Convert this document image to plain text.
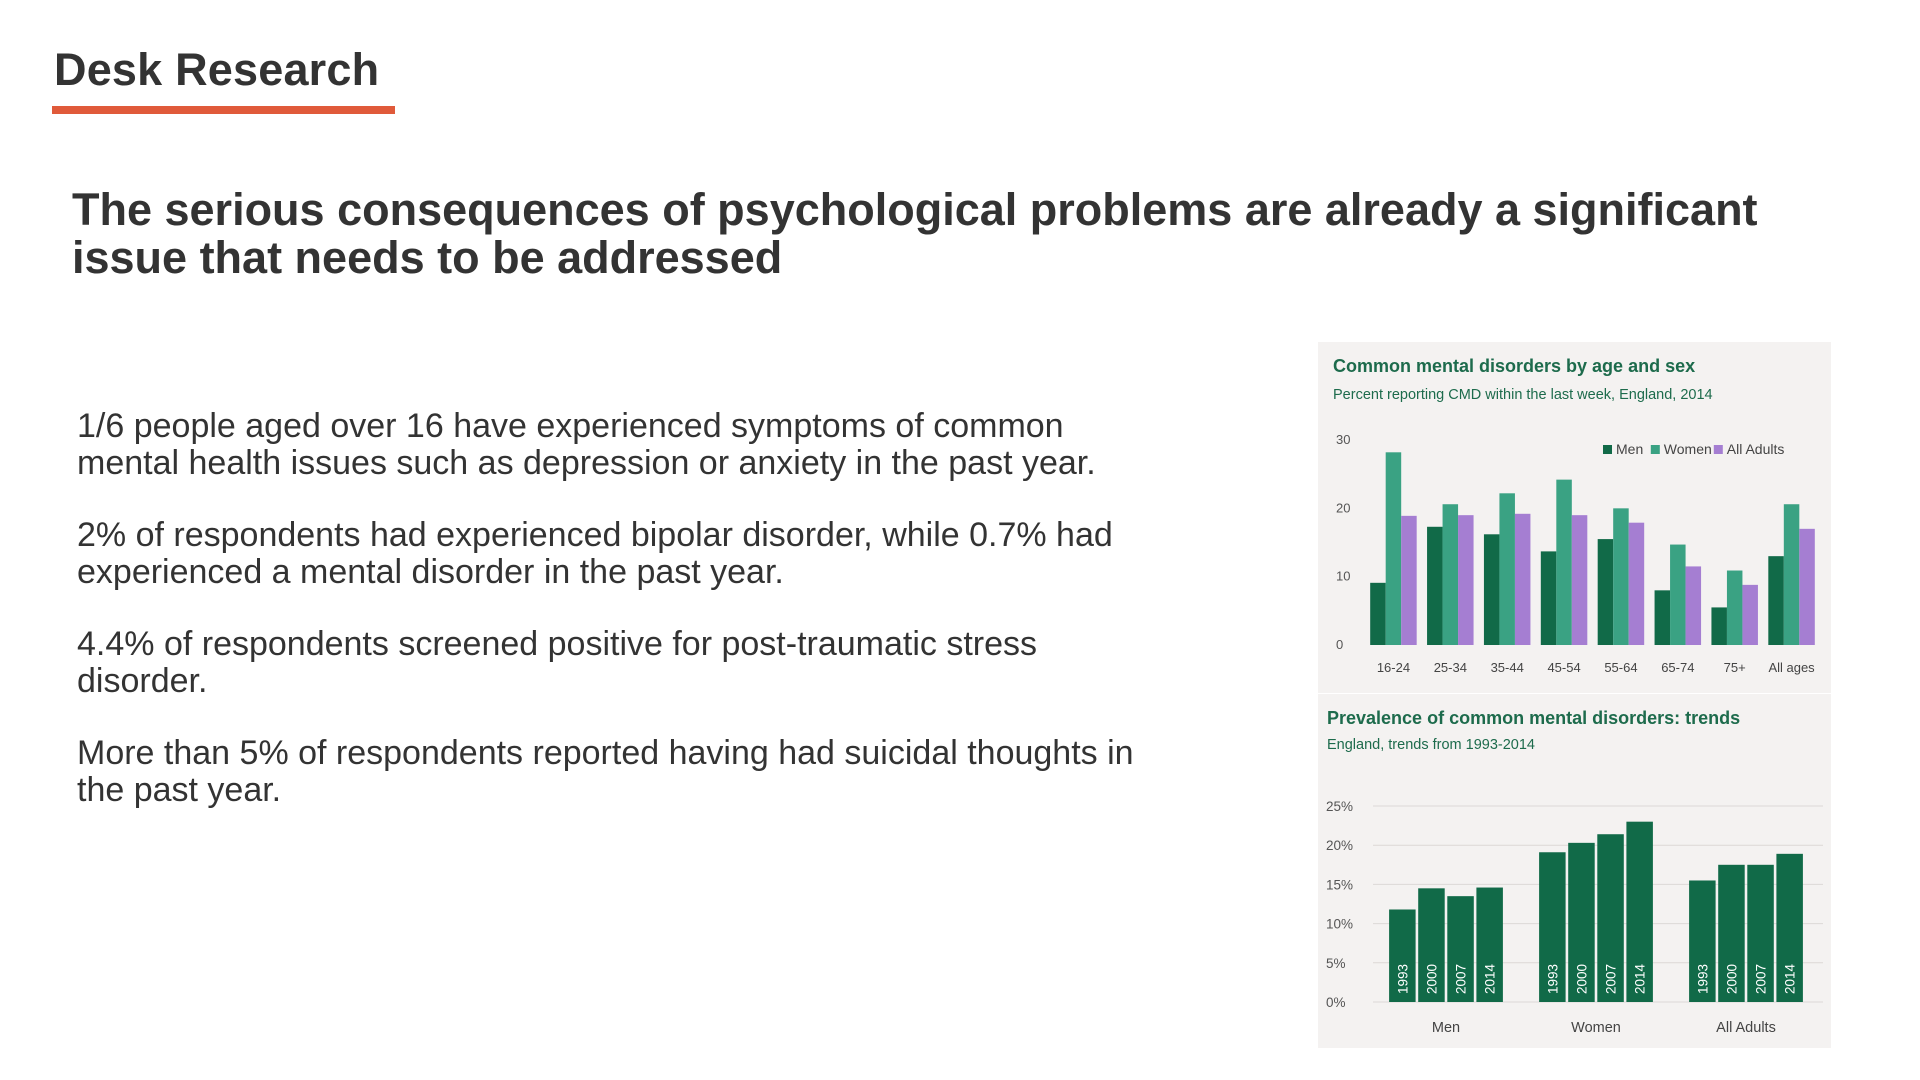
Desk Research
The serious consequences of psychological problems are already a significant issue that needs to be addressed
1/6 people aged over 16 have experienced symptoms of common mental health issues such as depression or anxiety in the past year.
2% of respondents had experienced bipolar disorder, while 0.7% had experienced a mental disorder in the past year.
4.4% of respondents screened positive for post-traumatic stress disorder.
More than 5% of respondents reported having had suicidal thoughts in the past year.
Common mental disorders by age and sex
Percent reporting CMD within the last week, England, 2014
0
10
20
30
Men Women All Adults
16-24 25-34 35-44 45-54 55-64 65-74 75+ All ages
Prevalence of common mental disorders: trends
England, trends from 1993-2014
0%
5%
10%
15%
20%
25%
1993 2000 2007 2014
Men
1993 2000 2007 2014
Women
1993 2000 2007 2014
All Adults
